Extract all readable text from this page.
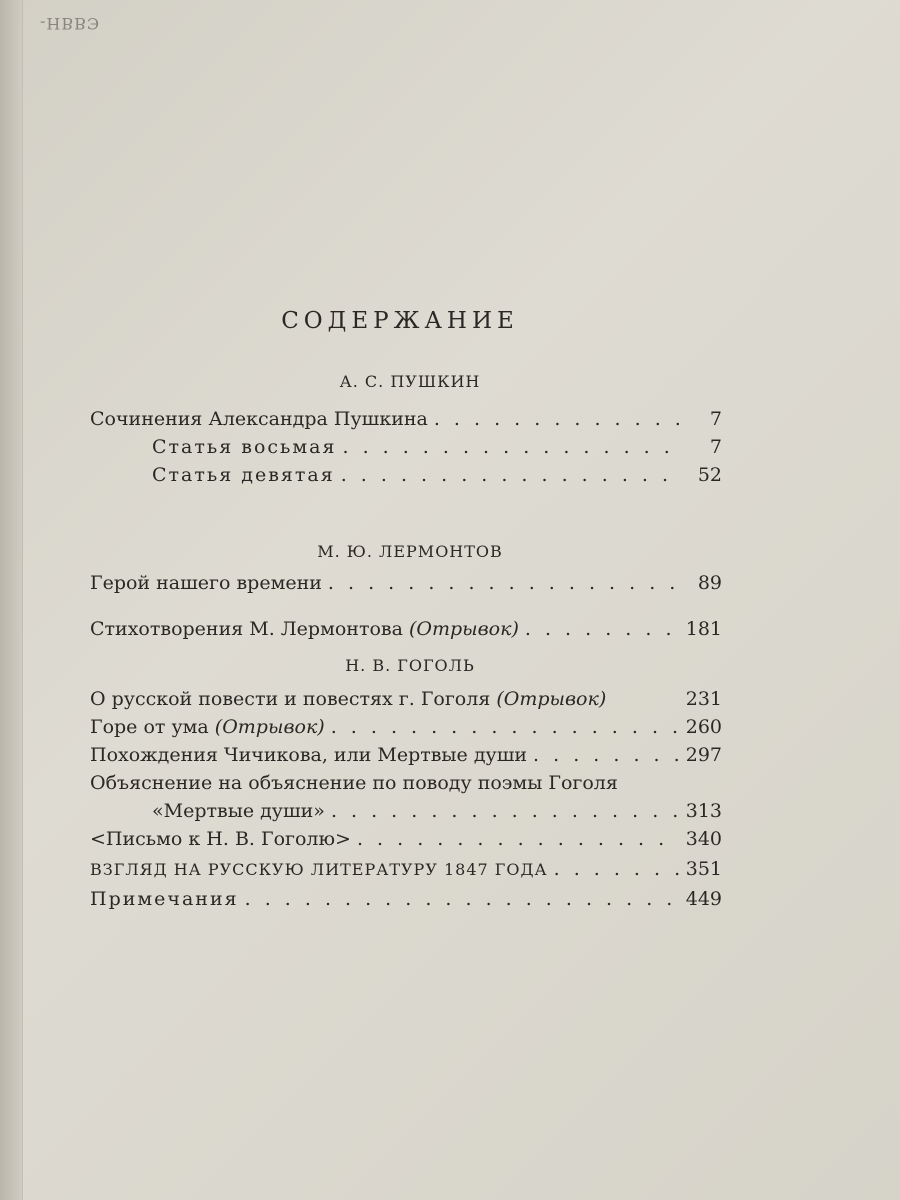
-НВВЭ
СОДЕРЖАНИЕ
А. С. ПУШКИН
Сочинения Александра Пушкина . . .	7
Статья восьмая . . .	7
Статья девятая . . .	52
М. Ю. ЛЕРМОНТОВ
Герой нашего времени . . .	89
Стихотворения М. Лермонтова (Отрывок) . . .	181
Н. В. ГОГОЛЬ
О русской повести и повестях г. Гоголя (Отрывок)	231
Горе от ума (Отрывок) . . .	260
Похождения Чичикова, или Мертвые души . . .	297
Объяснение на объяснение по поводу поэмы Гоголя
«Мертвые души» . . .	313
<Письмо к Н. В. Гоголю> . . .	340
ВЗГЛЯД НА РУССКУЮ ЛИТЕРАТУРУ 1847 ГОДА . . .	351
Примечания . . .	449
